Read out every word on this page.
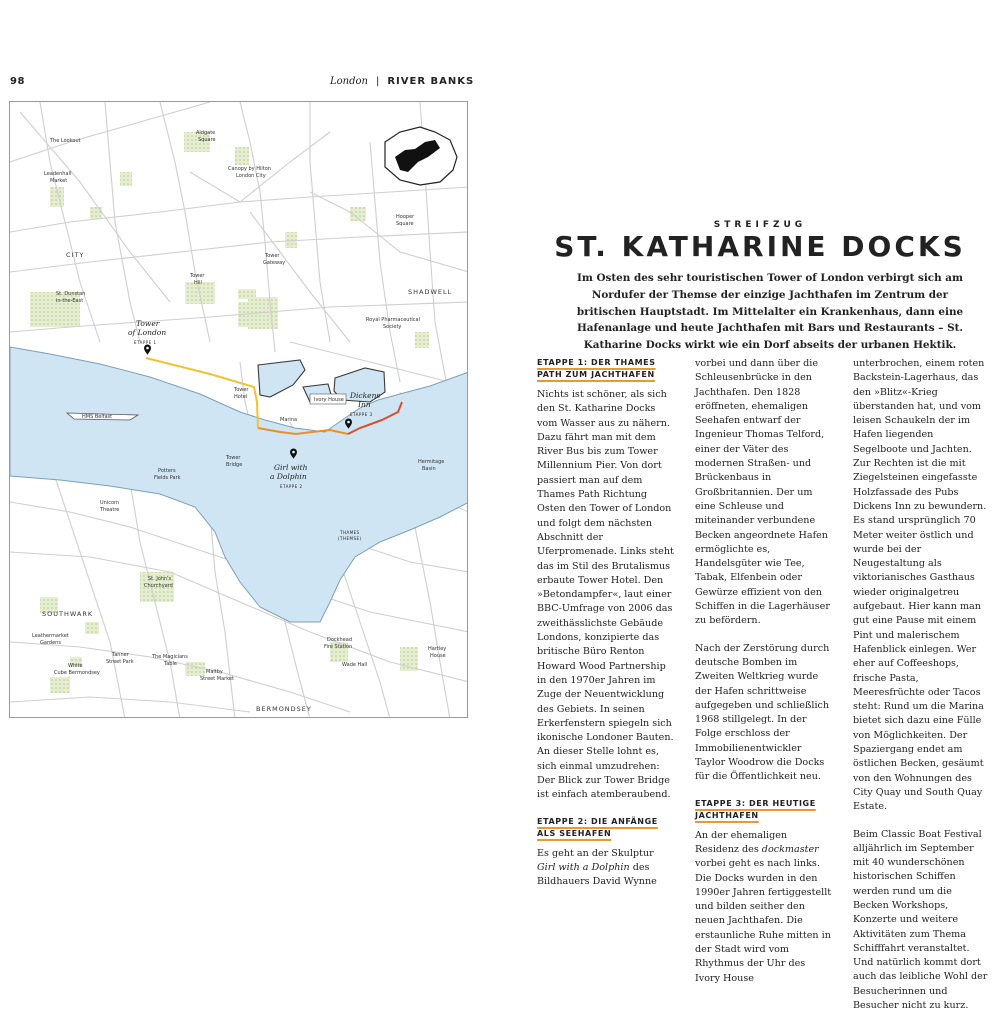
98	London | RIVER BANKS
The Lookout
Aldgate
Square
Leadenhall
Market
Canopy by Hilton
London City
Hooper
Square
CITY	Tower
Gateway
Tower
Hill
SHADWELL
St. Dunstan
in-the-East
Royal Pharmaceutical
Society
Tower
Hotel	Ivory House
Marina
HMS Belfast
Tower
Bridge	Hermitage
Basin
Unicorn
Theatre
Potters
Fields Park
THAMES
(THEMSE)
St. John's
Churchyard
SOUTHWARK
Leathermarket
Gardens
Tanner
Street Park
The Magicians
Table
Dockhead
Fire Station	Hartley
House
Wade Hall
White
Cube Bermondsey	Maltby
Street Market
BERMONDSEY
Tower
of London
ETAPPE 1
Girl with
a Dolphin
ETAPPE 2
Dickens
Inn
ETAPPE 3
STREIFZUG
ST. KATHARINE DOCKS
Im Osten des sehr touristischen Tower of London verbirgt sich am Nordufer der Themse der einzige Jachthafen im Zentrum der britischen Hauptstadt. Im Mittelalter ein Krankenhaus, dann eine Hafenanlage und heute Jachthafen mit Bars und Restaurants – St. Katharine Docks wirkt wie ein Dorf abseits der urbanen Hektik.
ETAPPE 1: DER THAMES PATH ZUM JACHTHAFEN

Nichts ist schöner, als sich den St. Katharine Docks vom Wasser aus zu nähern. Dazu fährt man mit dem River Bus bis zum Tower Millennium Pier. Von dort passiert man auf dem Thames Path Richtung Osten den Tower of London und folgt dem nächsten Abschnitt der Uferpromenade. Links steht das im Stil des Brutalismus erbaute Tower Hotel. Den »Betondampfer«, laut einer BBC-Umfrage von 2006 das zweithässlichste Gebäude Londons, konzipierte das britische Büro Renton Howard Wood Partnership in den 1970er Jahren im Zuge der Neuentwicklung des Gebiets. In seinen Erkerfenstern spiegeln sich ikonische Londoner Bauten. An dieser Stelle lohnt es, sich einmal umzudrehen: Der Blick zur Tower Bridge ist einfach atemberaubend.

ETAPPE 2: DIE ANFÄNGE ALS SEEHAFEN

Es geht an der Skulptur Girl with a Dolphin des Bildhauers David Wynne

vorbei und dann über die Schleusenbrücke in den Jachthafen. Den 1828 eröffneten, ehemaligen Seehafen entwarf der Ingenieur Thomas Telford, einer der Väter des modernen Straßen- und Brückenbaus in Großbritannien. Der um eine Schleuse und miteinander verbundene Becken angeordnete Hafen ermöglichte es, Handelsgüter wie Tee, Tabak, Elfenbein oder Gewürze effizient von den Schiffen in die Lagerhäuser zu befördern.

Nach der Zerstörung durch deutsche Bomben im Zweiten Weltkrieg wurde der Hafen schrittweise aufgegeben und schließlich 1968 stillgelegt. In der Folge erschloss der Immobilienentwickler Taylor Woodrow die Docks für die Öffentlichkeit neu.

ETAPPE 3: DER HEUTIGE JACHTHAFEN

An der ehemaligen Residenz des dockmaster vorbei geht es nach links. Die Docks wurden in den 1990er Jahren fertiggestellt und bilden seither den neuen Jachthafen. Die erstaunliche Ruhe mitten in der Stadt wird vom Rhythmus der Uhr des Ivory House

unterbrochen, einem roten Backstein-Lagerhaus, das den »Blitz«-Krieg überstanden hat, und vom leisen Schaukeln der im Hafen liegenden Segelboote und Jachten. Zur Rechten ist die mit Ziegelsteinen eingefasste Holzfassade des Pubs Dickens Inn zu bewundern. Es stand ursprünglich 70 Meter weiter östlich und wurde bei der Neugestaltung als viktorianisches Gasthaus wieder originalgetreu aufgebaut. Hier kann man gut eine Pause mit einem Pint und malerischem Hafenblick einlegen. Wer eher auf Coffeeshops, frische Pasta, Meeresfrüchte oder Tacos steht: Rund um die Marina bietet sich dazu eine Fülle von Möglichkeiten. Der Spaziergang endet am östlichen Becken, gesäumt von den Wohnungen des City Quay und South Quay Estate.

Beim Classic Boat Festival alljährlich im September mit 40 wunderschönen historischen Schiffen werden rund um die Becken Workshops, Konzerte und weitere Aktivitäten zum Thema Schifffahrt veranstaltet. Und natürlich kommt dort auch das leibliche Wohl der Besucherinnen und Besucher nicht zu kurz.
